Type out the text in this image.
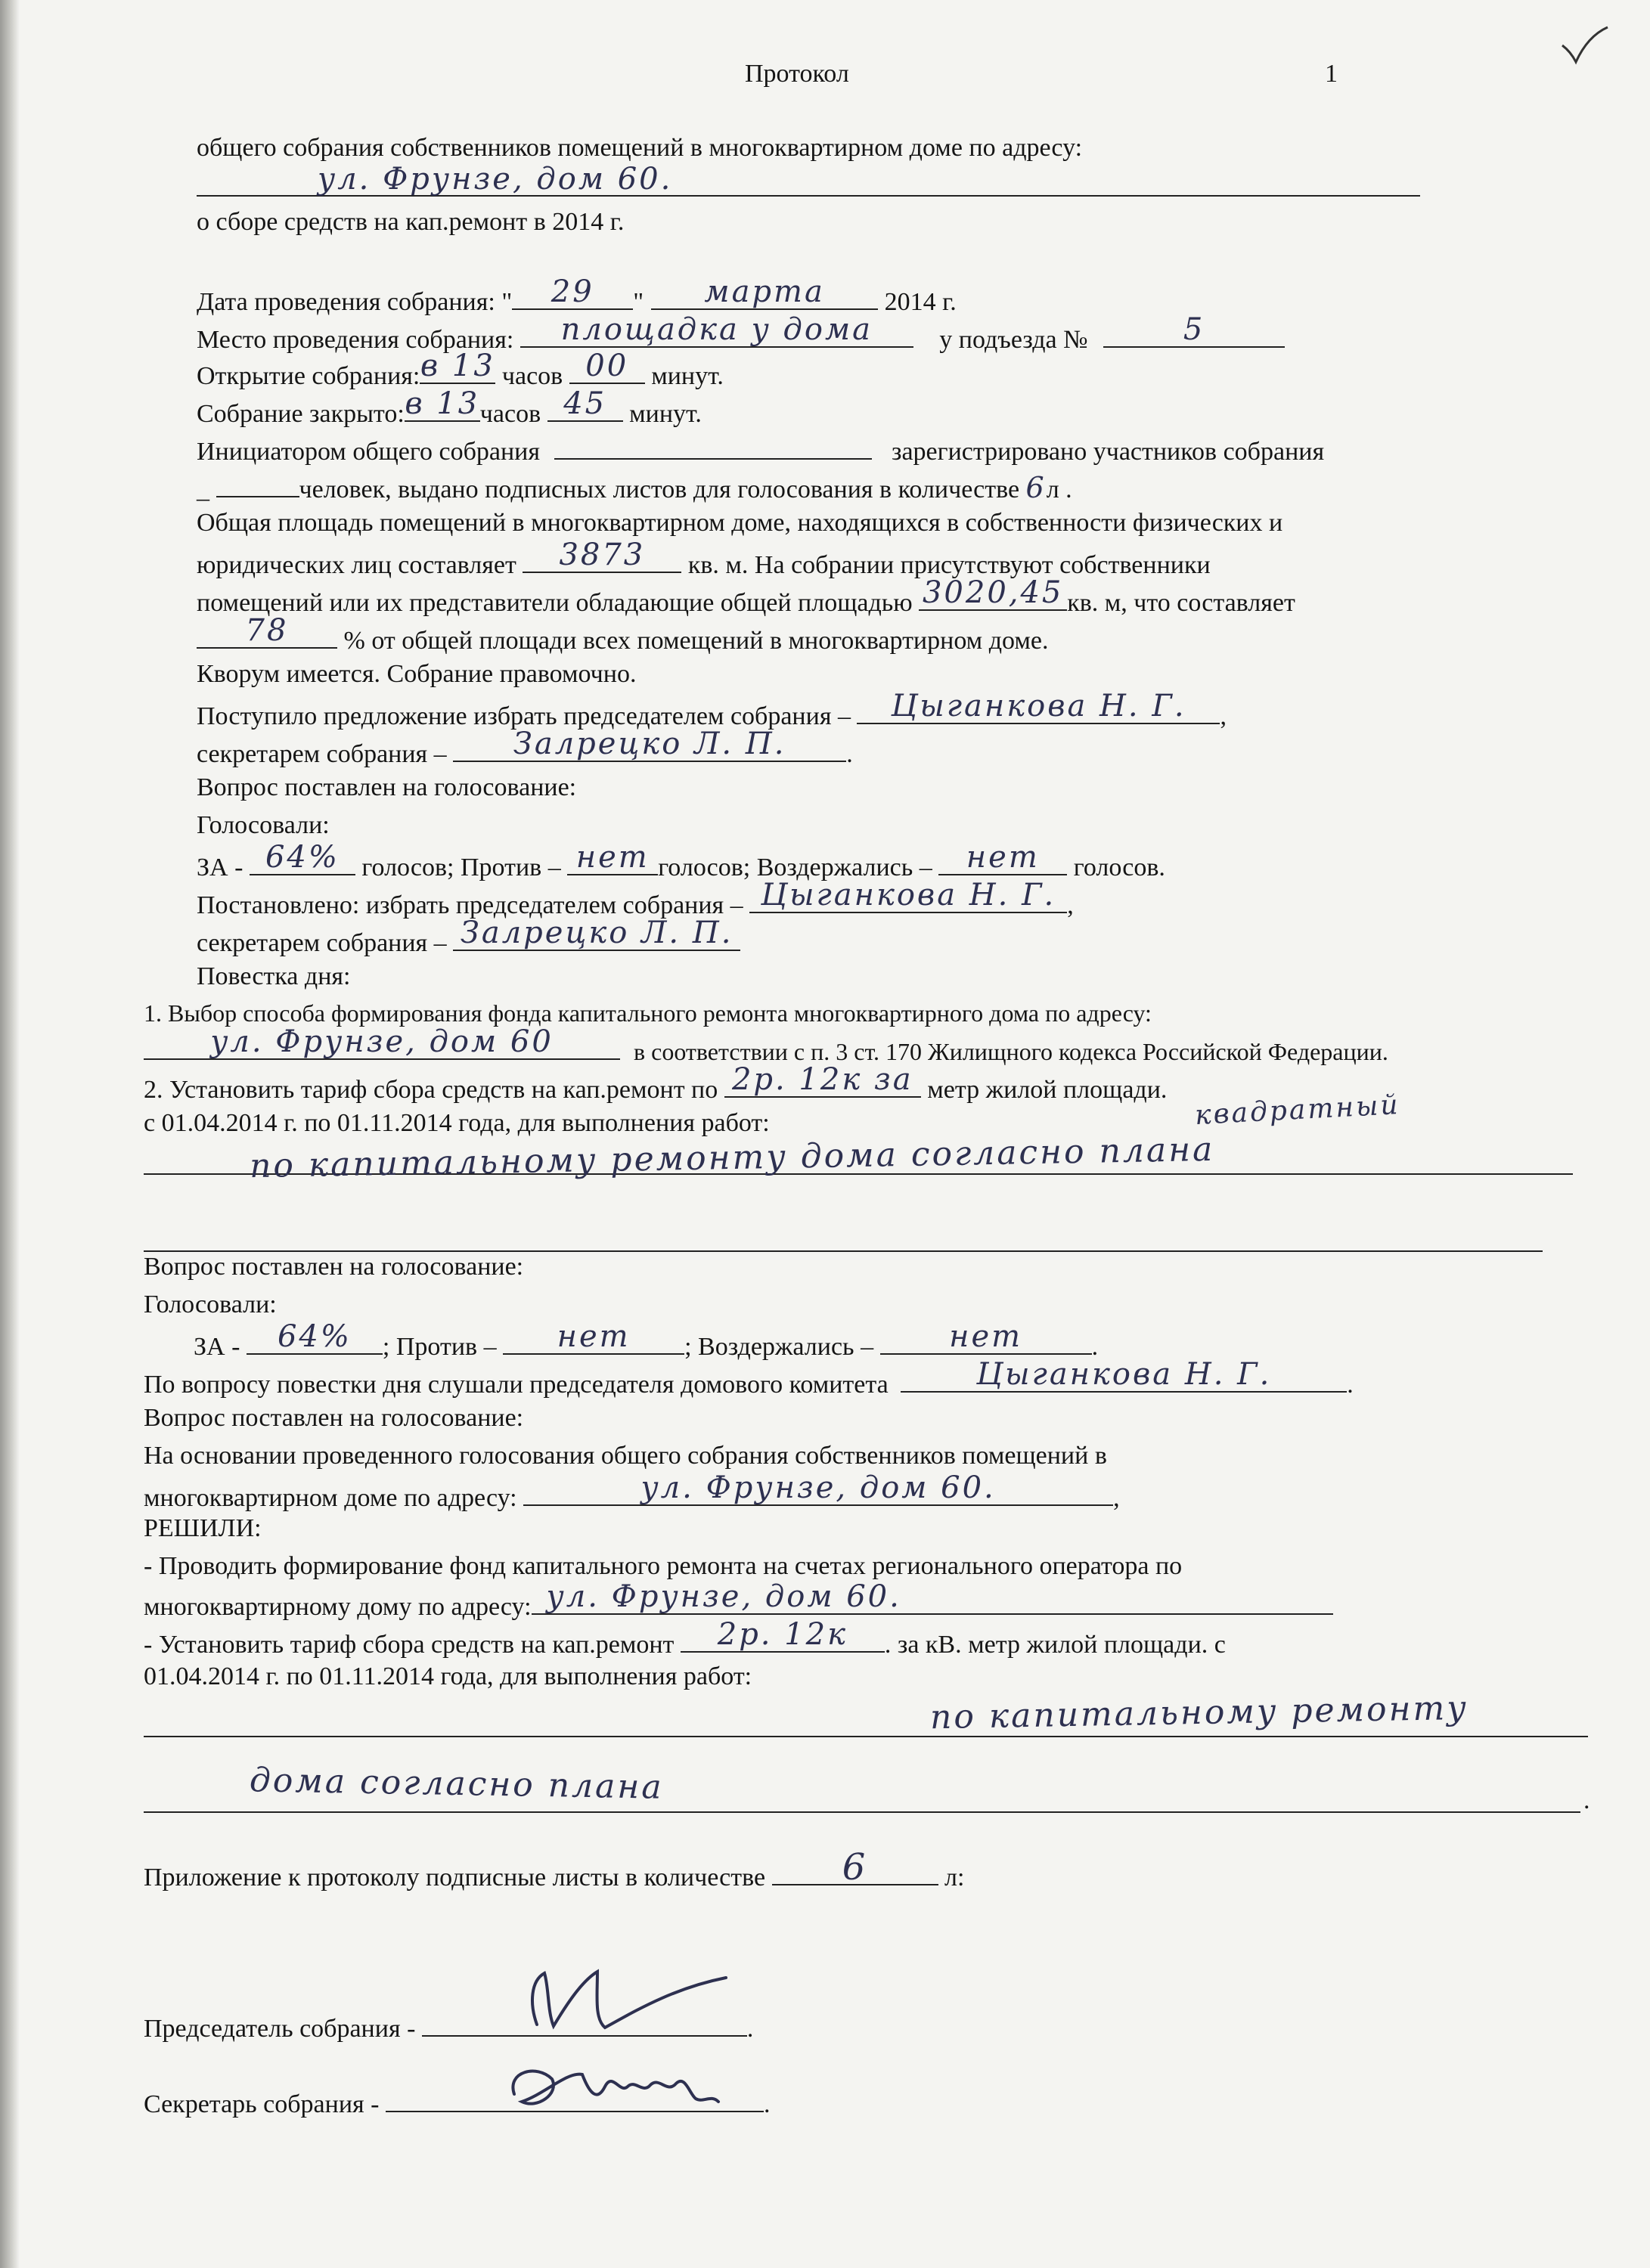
Протокол	1
общего собрания собственников помещений в многоквартирном доме по адресу:
ул. Фрунзе, дом 60.
о сборе средств на кап.ремонт в 2014 г.
Дата проведения собрания: "	29	"	марта	2014 г.
Место проведения собрания:	площадка у дома	у подъезда №	5
Открытие собрания: в 13 часов 00 минут.
Собрание закрыто: в 13 часов 45 минут.
Инициатором общего собрания	зарегистрировано участников собрания
_	человек, выдано подписных листов для голосования в количестве 6л .
Общая площадь помещений в многоквартирном доме, находящихся в собственности физических и
юридических лиц составляет	3873	кв. м. На собрании присутствуют собственники
помещений или их представители обладающие общей площадью 3020,45 кв. м, что составляет
78	% от общей площади всех помещений в многоквартирном доме.
Кворум имеется. Собрание правомочно.
Поступило предложение избрать председателем собрания –	Цыганкова Н. Г.	,
секретарем собрания –	Залрецко Л. П.	.
Вопрос поставлен на голосование:
Голосовали:
ЗА - 64% голосов; Против – нет голосов; Воздержались –	нет	голосов.
Постановлено: избрать председателем собрания – Цыганкова Н. Г. ,
секретарем собрания – Залрецко Л. П.
Повестка дня:
1. Выбор способа формирования фонда капитального ремонта многоквартирного дома по адресу:
ул. Фрунзе, дом 60	в соответствии с п. 3 ст. 170 Жилищного кодекса Российской Федерации.
2. Установить тариф сбора средств на кап.ремонт по 2р. 12к за метр жилой площади. квадратный
с 01.04.2014 г. по 01.11.2014 года, для выполнения работ:
по капитальному ремонту дома согласно плана
Вопрос поставлен на голосование:
Голосовали:
ЗА -	64%	; Против –	нет	; Воздержались –	нет	.
По вопросу повестки дня слушали председателя домового комитета	Цыганкова Н. Г.	.
Вопрос поставлен на голосование:
На основании проведенного голосования общего собрания собственников помещений в
многоквартирном доме по адресу:	ул. Фрунзе, дом 60.	,
РЕШИЛИ:
- Проводить формирование фонд капитального ремонта на счетах регионального оператора по
многоквартирному дому по адресу: ул. Фрунзе, дом 60.
- Установить тариф сбора средств на кап.ремонт	2р. 12к	. за кВ. метр жилой площади. с
01.04.2014 г. по 01.11.2014 года, для выполнения работ:
по капитальному ремонту
дома согласно плана	.
Приложение к протоколу подписные листы в количестве	6	л:
Председатель собрания -	.
Секретарь собрания -	.
